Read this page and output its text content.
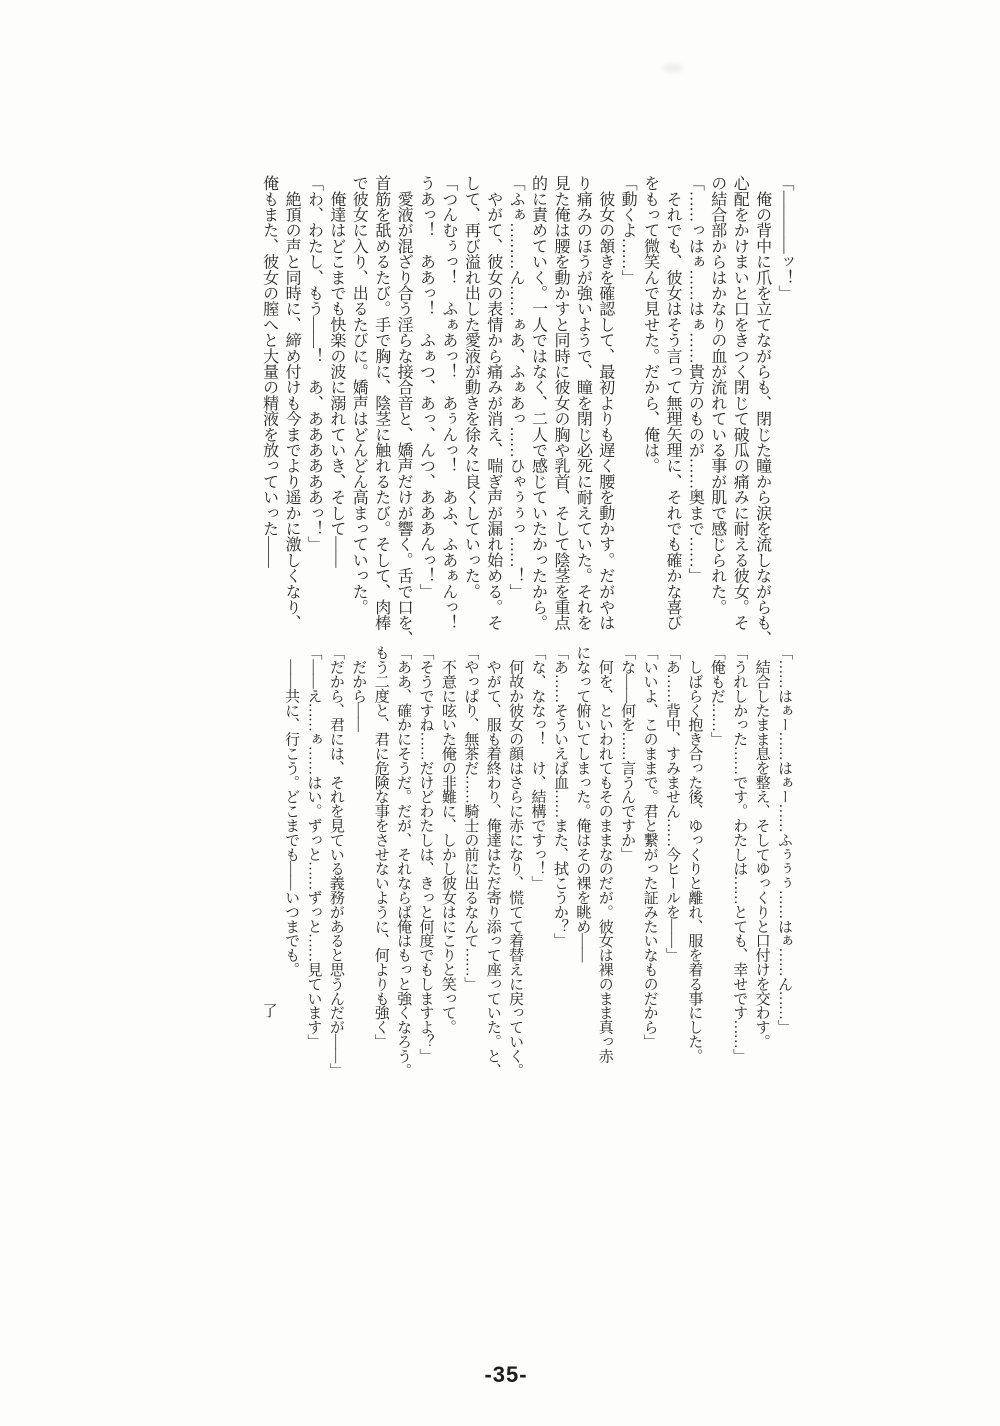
「————ッ！」

　俺の背中に爪を立てながらも、閉じた瞳から涙を流しながらも、

心配をかけまいと口をきつく閉じて破瓜の痛みに耐える彼女。そ

の結合部からはかなりの血が流れている事が肌で感じられた。

「……っはぁ……はぁ……貴方のものが……奥まで……」

　それでも、彼女はそう言って無理矢理に、それでも確かな喜び

をもって微笑んで見せた。だから、俺は。

「動くよ……」

　彼女の頷きを確認して、最初よりも遅く腰を動かす。だがやは

り痛みのほうが強いようで、瞳を閉じ必死に耐えていた。それを

見た俺は腰を動かすと同時に彼女の胸や乳首、そして陰茎を重点

的に責めていく。一人ではなく、二人で感じていたかったから。

「ふぁ………ん……ぁあ、ふぁあっ……ひゃぅぅっ……！」

　やがて、彼女の表情から痛みが消え、喘ぎ声が漏れ始める。そ

して、再び溢れ出した愛液が動きを徐々に良くしていった。

「つんむぅっ！　ふぁあっ！　あぅんっ！　あふ、ふあぁんっ！

うあっ！　ああっ！　ふぁつ、あっ、んつ、あああんっ！」

　愛液が混ざり合う淫らな接合音と、嬌声だけが響く。舌で口を、

首筋を舐めるたび。手で胸に、陰茎に触れるたび。そして、肉棒

で彼女に入り、出るたびに。嬌声はどんどん高まっていった。

　俺達はどこまでも快楽の波に溺れていき、そして——

「わ、わたし、もう——！　あ、ああああああっ！」

　絶頂の声と同時に、締め付けも今までより遥かに激しくなり、

俺もまた、彼女の膣へと大量の精液を放っていった——

「……はぁー……はぁー……ふぅぅぅ……はぁ……ん……」

　結合したまま息を整え、そしてゆっくりと口付けを交わす。

「うれしかった……です。わたしは……とても、幸せです……」

「俺もだ……」

　しばらく抱き合った後、ゆっくりと離れ、服を着る事にした。

「あ……背中、すみません……今ヒールを——」

「いいよ、このままで。君と繋がった証みたいなものだから」

「な——何を……言うんですか」

　何を、といわれてもそのままなのだが。彼女は裸のまま真っ赤

になって俯いてしまった。俺はその裸を眺め——

「あ……そういえば血……また、拭こうか？」

「な、ななっ！　け、結構ですっ！」

　何故か彼女の顔はさらに赤になり、慌てて着替えに戻っていく。

　やがて、服も着終わり、俺達はただ寄り添って座っていた。と、

「やっぱり、無茶だ……騎士の前に出るなんて……」

　不意に呟いた俺の非難に、しかし彼女はにこりと笑って。

「そうですね……だけどわたしは、きっと何度でもしますよ？」

「ああ、確かにそうだ。だが、それならば俺はもっと強くなろう。

もう二度と、君に危険な事をさせないように、何よりも強く」

　だから——

「だから、君には、それを見ている義務があると思うんだが——」

「——え……ぁ……はい。ずっと……ずっと……見ています」

　——共に、行こう。どこまでも——いつまでも。

了

-35-
